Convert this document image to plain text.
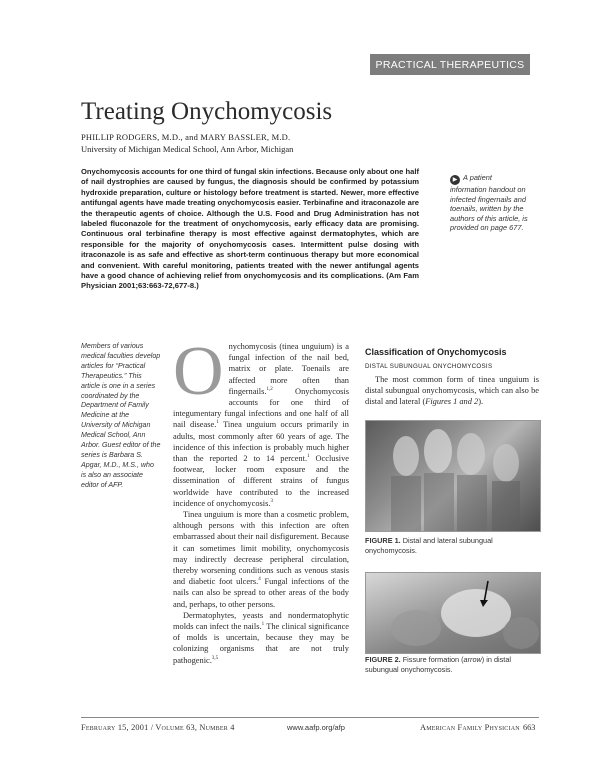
PRACTICAL THERAPEUTICS
Treating Onychomycosis
PHILLIP RODGERS, M.D., and MARY BASSLER, M.D.
University of Michigan Medical School, Ann Arbor, Michigan

Onychomycosis accounts for one third of fungal skin infections. Because only about one half of nail dystrophies are caused by fungus, the diagnosis should be confirmed by potassium hydroxide preparation, culture or histology before treatment is started. Newer, more effective antifungal agents have made treating onychomycosis easier. Terbinafine and itraconazole are the therapeutic agents of choice. Although the U.S. Food and Drug Administration has not labeled fluconazole for the treatment of onychomycosis, early efficacy data are promising. Continuous oral terbinafine therapy is most effective against dermatophytes, which are responsible for the majority of onychomycosis cases. Intermittent pulse dosing with itraconazole is as safe and effective as short-term continuous therapy but more economical and convenient. With careful monitoring, patients treated with the newer antifungal agents have a good chance of achieving relief from onychomycosis and its complications. (Am Fam Physician 2001;63:663-72,677-8.)

▶ A patient information handout on infected fingernails and toenails, written by the authors of this article, is provided on page 677.

Members of various medical faculties develop articles for “Practical Therapeutics.” This article is one in a series coordinated by the Department of Family Medicine at the University of Michigan Medical School, Ann Arbor. Guest editor of the series is Barbara S. Apgar, M.D., M.S., who is also an associate editor of AFP.

Onychomycosis (tinea unguium) is a fungal infection of the nail bed, matrix or plate. Toenails are affected more often than fingernails.$^{1,2}$ Onychomycosis accounts for one third of integumentary fungal infections and one half of all nail disease.$^1$ Tinea unguium occurs primarily in adults, most commonly after 60 years of age. The incidence of this infection is probably much higher than the reported 2 to 14 percent.$^1$ Occlusive footwear, locker room exposure and the dissemination of different strains of fungus worldwide have contributed to the increased incidence of onychomycosis.$^3$

Tinea unguium is more than a cosmetic problem, although persons with this infection are often embarrassed about their nail disfigurement. Because it can sometimes limit mobility, onychomycosis may indirectly decrease peripheral circulation, thereby worsening conditions such as venous stasis and diabetic foot ulcers.$^4$ Fungal infections of the nails can also be spread to other areas of the body and, perhaps, to other persons.

Dermatophytes, yeasts and nondermatophytic molds can infect the nails.$^1$ The clinical significance of molds is uncertain, because they may be colonizing organisms that are not truly pathogenic.$^{3,5}$

Classification of Onychomycosis
DISTAL SUBUNGUAL ONYCHOMYCOSIS

The most common form of tinea unguium is distal subungual onychomycosis, which can also be distal and lateral (Figures 1 and 2).

FIGURE 1. Distal and lateral subungual onychomycosis.
FIGURE 2. Fissure formation (arrow) in distal subungual onychomycosis.
February 15, 2001 / Volume 63, Number 4	www.aafp.org/afp	American Family Physician 663
